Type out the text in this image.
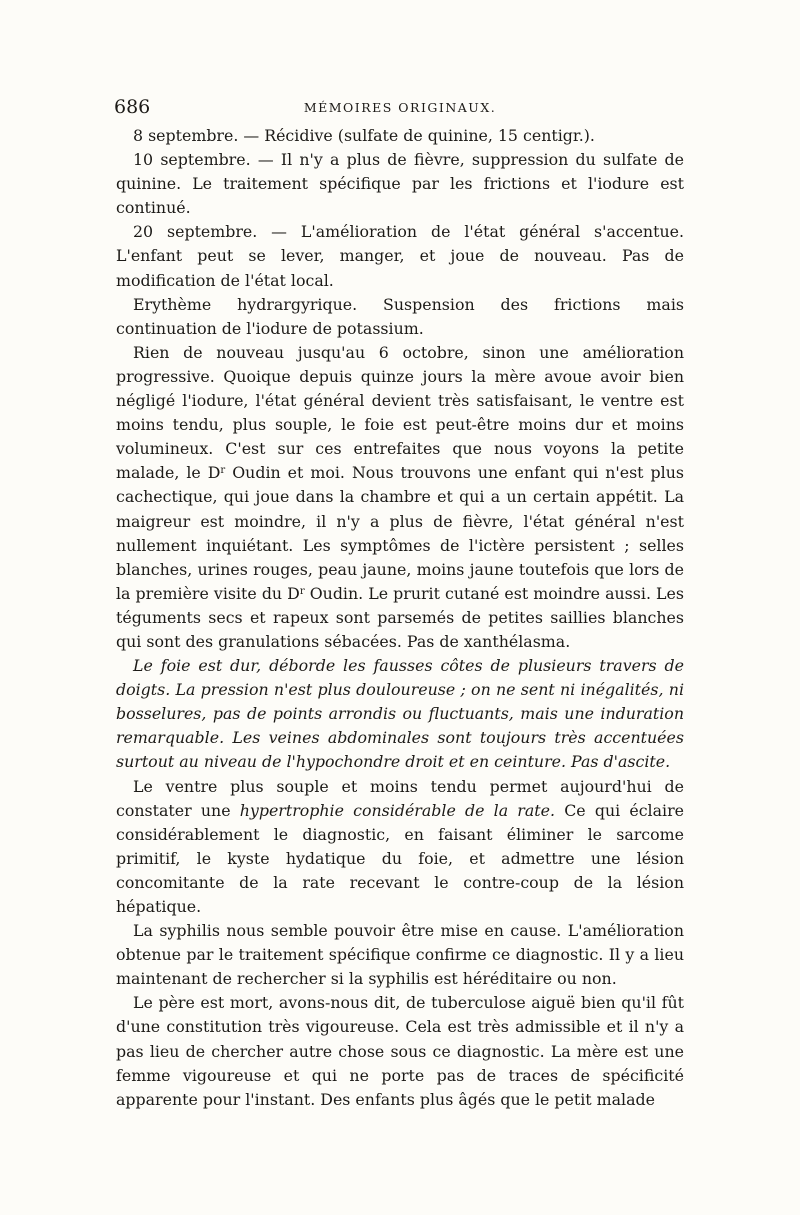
686	MÉMOIRES ORIGINAUX.

8 septembre. — Récidive (sulfate de quinine, 15 centigr.).

10 septembre. — Il n'y a plus de fièvre, suppression du sulfate de quinine. Le traitement spécifique par les frictions et l'iodure est continué.

20 septembre. — L'amélioration de l'état général s'accentue. L'enfant peut se lever, manger, et joue de nouveau. Pas de modification de l'état local.

Erythème hydrargyrique. Suspension des frictions mais continuation de l'iodure de potassium.

Rien de nouveau jusqu'au 6 octobre, sinon une amélioration progressive. Quoique depuis quinze jours la mère avoue avoir bien négligé l'iodure, l'état général devient très satisfaisant, le ventre est moins tendu, plus souple, le foie est peut-être moins dur et moins volumineux. C'est sur ces entrefaites que nous voyons la petite malade, le $D^r$ Oudin et moi. Nous trouvons une enfant qui n'est plus cachectique, qui joue dans la chambre et qui a un certain appétit. La maigreur est moindre, il n'y a plus de fièvre, l'état général n'est nullement inquiétant. Les symptômes de l'ictère persistent ; selles blanches, urines rouges, peau jaune, moins jaune toutefois que lors de la première visite du $D^r$ Oudin. Le prurit cutané est moindre aussi. Les téguments secs et rapeux sont parsemés de petites saillies blanches qui sont des granulations sébacées. Pas de xanthélasma.

Le foie est dur, déborde les fausses côtes de plusieurs travers de doigts. La pression n'est plus douloureuse ; on ne sent ni inégalités, ni bosselures, pas de points arrondis ou fluctuants, mais une induration remarquable. Les veines abdominales sont toujours très accentuées surtout au niveau de l'hypochondre droit et en ceinture. Pas d'ascite.

Le ventre plus souple et moins tendu permet aujourd'hui de constater une hypertrophie considérable de la rate. Ce qui éclaire considérablement le diagnostic, en faisant éliminer le sarcome primitif, le kyste hydatique du foie, et admettre une lésion concomitante de la rate recevant le contre-coup de la lésion hépatique.

La syphilis nous semble pouvoir être mise en cause. L'amélioration obtenue par le traitement spécifique confirme ce diagnostic. Il y a lieu maintenant de rechercher si la syphilis est héréditaire ou non.

Le père est mort, avons-nous dit, de tuberculose aiguë bien qu'il fût d'une constitution très vigoureuse. Cela est très admissible et il n'y a pas lieu de chercher autre chose sous ce diagnostic. La mère est une femme vigoureuse et qui ne porte pas de traces de spécificité apparente pour l'instant. Des enfants plus âgés que le petit malade
